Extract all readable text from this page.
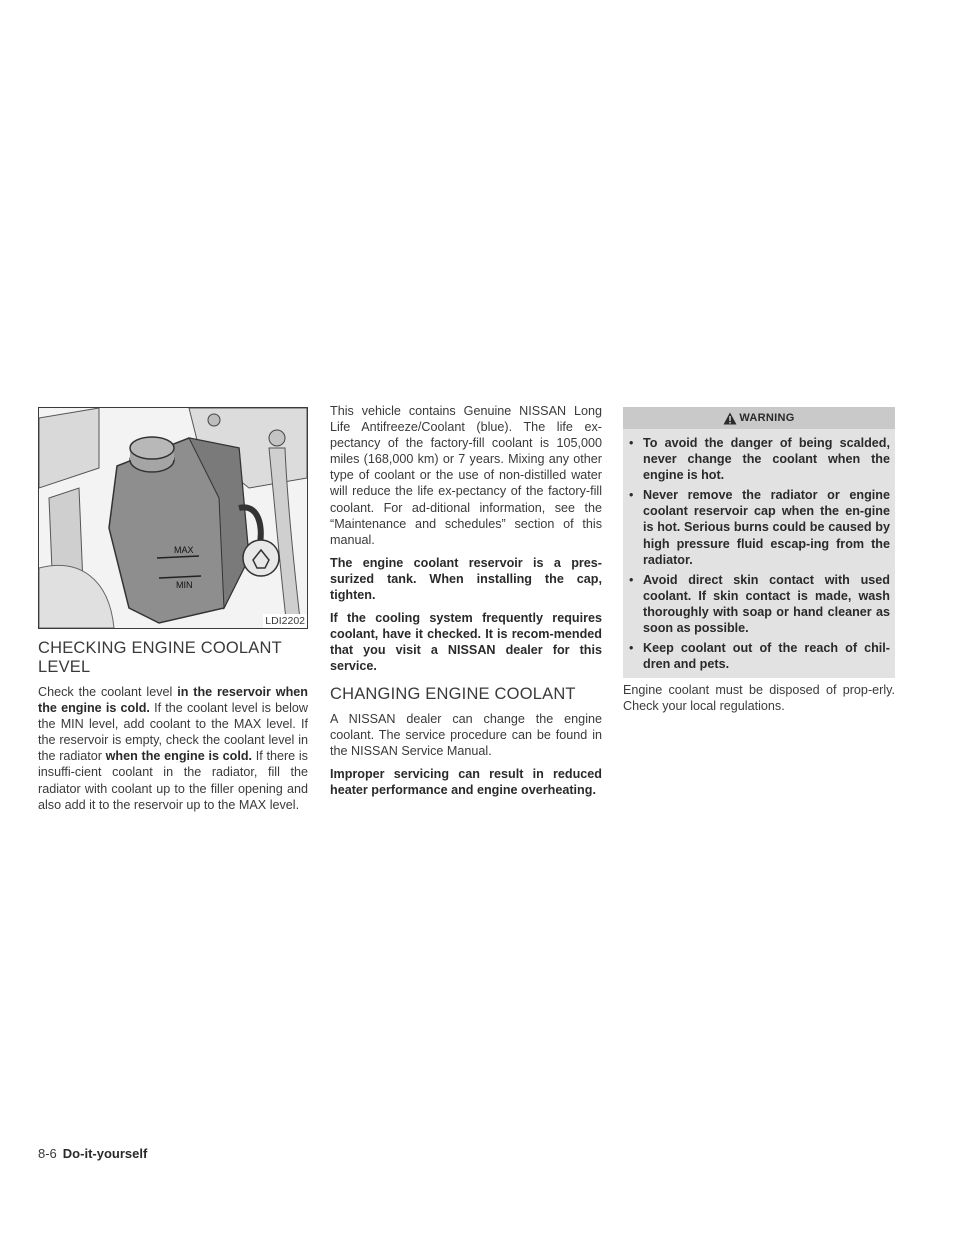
MAX
MIN
LDI2202
CHECKING ENGINE COOLANT LEVEL

Check the coolant level in the reservoir when the engine is cold. If the coolant level is below the MIN level, add coolant to the MAX level. If the reservoir is empty, check the coolant level in the radiator when the engine is cold. If there is insuffi-cient coolant in the radiator, fill the radiator with coolant up to the filler opening and also add it to the reservoir up to the MAX level.

This vehicle contains Genuine NISSAN Long Life Antifreeze/Coolant (blue). The life ex-pectancy of the factory-fill coolant is 105,000 miles (168,000 km) or 7 years. Mixing any other type of coolant or the use of non-distilled water will reduce the life ex-pectancy of the factory-fill coolant. For ad-ditional information, see the “Maintenance and schedules” section of this manual.

The engine coolant reservoir is a pres-surized tank. When installing the cap, tighten.

If the cooling system frequently requires coolant, have it checked. It is recom-mended that you visit a NISSAN dealer for this service.

CHANGING ENGINE COOLANT

A NISSAN dealer can change the engine coolant. The service procedure can be found in the NISSAN Service Manual.

Improper servicing can result in reduced heater performance and engine overheating.

WARNING
• To avoid the danger of being scalded, never change the coolant when the engine is hot.
• Never remove the radiator or engine coolant reservoir cap when the en-gine is hot. Serious burns could be caused by high pressure fluid escap-ing from the radiator.
• Avoid direct skin contact with used coolant. If skin contact is made, wash thoroughly with soap or hand cleaner as soon as possible.
• Keep coolant out of the reach of chil-dren and pets.

Engine coolant must be disposed of prop-erly. Check your local regulations.

8-6 Do-it-yourself
